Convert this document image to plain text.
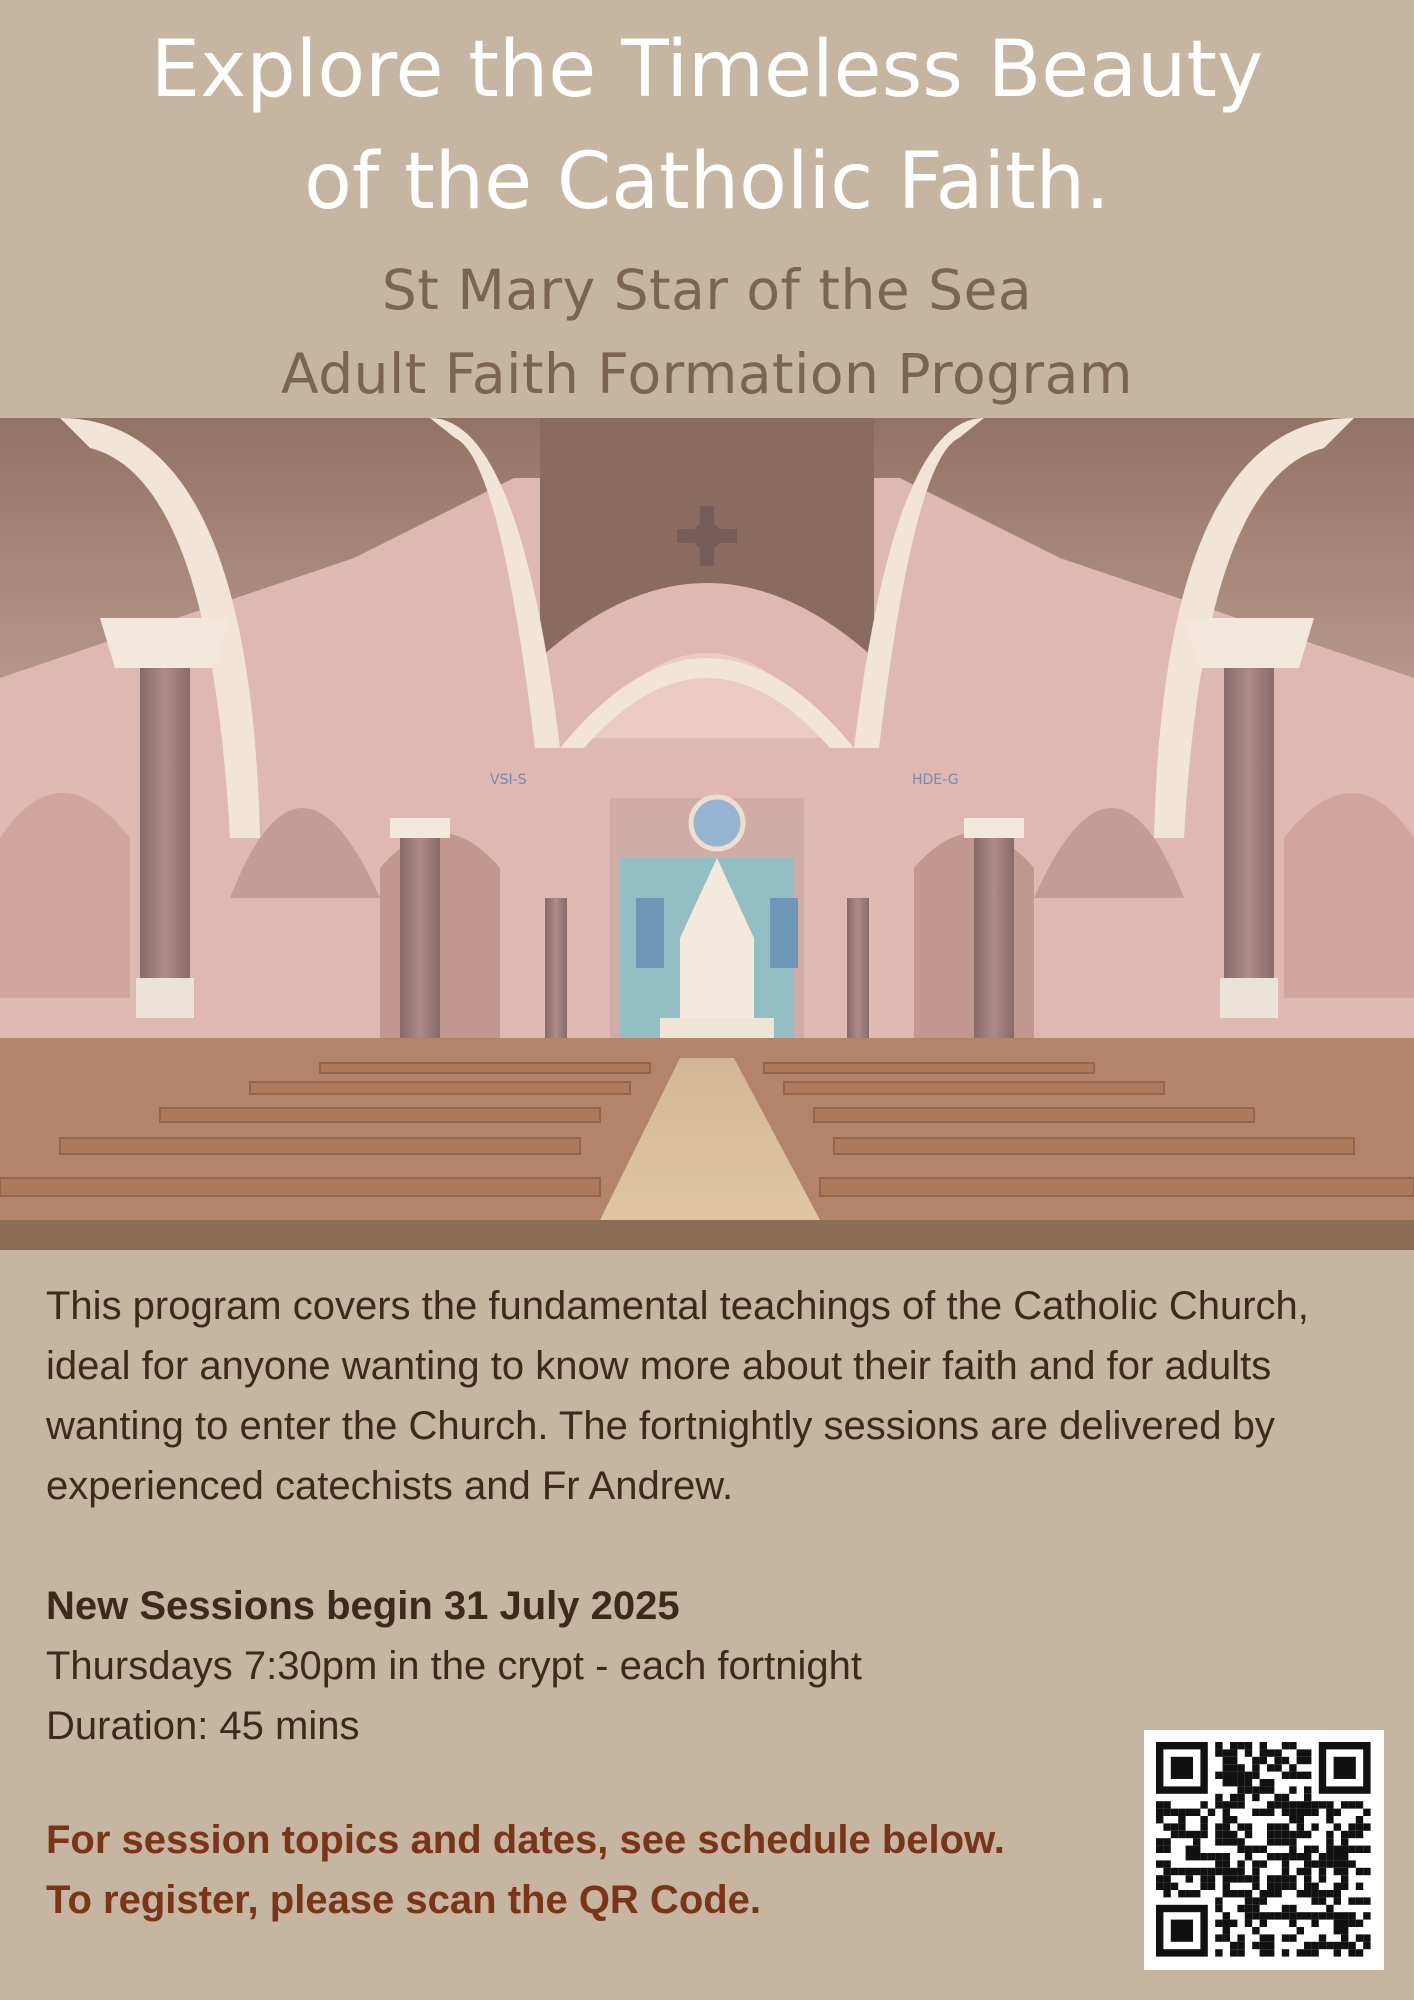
Explore the Timeless Beauty
of the Catholic Faith.
St Mary Star of the Sea
Adult Faith Formation Program
VSI-S	HDE-G

This program covers the fundamental teachings of the Catholic Church, ideal for anyone wanting to know more about their faith and for adults wanting to enter the Church. The fortnightly sessions are delivered by experienced catechists and Fr Andrew.

New Sessions begin 31 July 2025

Thursdays 7:30pm in the crypt - each fortnight

Duration: 45 mins

For session topics and dates, see schedule below.

To register, please scan the QR Code.
